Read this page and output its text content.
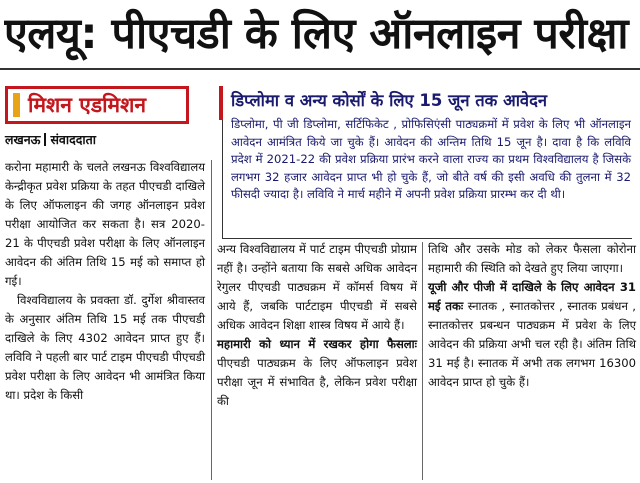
एलयू: पीएचडी के लिए ऑनलाइन परीक्षा
मिशन एडमिशन
लखनऊ संवाददाता
डिप्लोमा व अन्य कोर्सों के लिए 15 जून तक आवेदन
डिप्लोमा, पी जी डिप्लोमा, सर्टिफिकेट , प्रोफिसिएंसी पाठ्यक्रमों में प्रवेश के लिए भी ऑनलाइन आवेदन आमंत्रित किये जा चुके हैं। आवेदन की अन्तिम तिथि 15 जून है। दावा है कि लविवि प्रदेश में 2021-22 की प्रवेश प्रक्रिया प्रारंभ करने वाला राज्य का प्रथम विश्वविद्यालय है जिसके लगभग 32 हजार आवेदन प्राप्त भी हो चुके हैं, जो बीते वर्ष की इसी अवधि की तुलना में 32 फीसदी ज्यादा है। लविवि ने मार्च महीने में अपनी प्रवेश प्रक्रिया प्रारम्भ कर दी थी।

करोना महामारी के चलते लखनऊ विश्वविद्यालय केन्द्रीकृत प्रवेश प्रक्रिया के तहत पीएचडी दाखिले के लिए ऑफलाइन की जगह ऑनलाइन प्रवेश परीक्षा आयोजित कर सकता है। सत्र 2020-21 के पीएचडी प्रवेश परीक्षा के लिए ऑनलाइन आवेदन की अंतिम तिथि 15 मई को समाप्त हो गई।

विश्वविद्यालय के प्रवक्ता डॉ. दुर्गेश श्रीवास्तव के अनुसार अंतिम तिथि 15 मई तक पीएचडी दाखिले के लिए 4302 आवेदन प्राप्त हुए हैं। लविवि ने पहली बार पार्ट टाइम पीएचडी पीएचडी प्रवेश परीक्षा के लिए आवेदन भी आमंत्रित किया था। प्रदेश के किसी

अन्य विश्वविद्यालय में पार्ट टाइम पीएचडी प्रोग्राम नहीं है। उन्होंने बताया कि सबसे अधिक आवेदन रेगुलर पीएचडी पाठ्यक्रम में कॉमर्स विषय में आये हैं, जबकि पार्टटाइम पीएचडी में सबसे अधिक आवेदन शिक्षा शास्त्र विषय में आये हैं।

महामारी को ध्यान में रखकर होगा फैसलाः पीएचडी पाठ्यक्रम के लिए ऑफलाइन प्रवेश परीक्षा जून में संभावित है, लेकिन प्रवेश परीक्षा की

तिथि और उसके मोड को लेकर फैसला कोरोना महामारी की स्थिति को देखते हुए लिया जाएगा।

यूजी और पीजी में दाखिले के लिए आवेदन 31 मई तकः स्नातक , स्नातकोत्तर , स्नातक प्रबंधन , स्नातकोत्तर प्रबन्धन पाठ्यक्रम में प्रवेश के लिए आवेदन की प्रक्रिया अभी चल रही है। अंतिम तिथि 31 मई है। स्नातक में अभी तक लगभग 16300 आवेदन प्राप्त हो चुके हैं।
